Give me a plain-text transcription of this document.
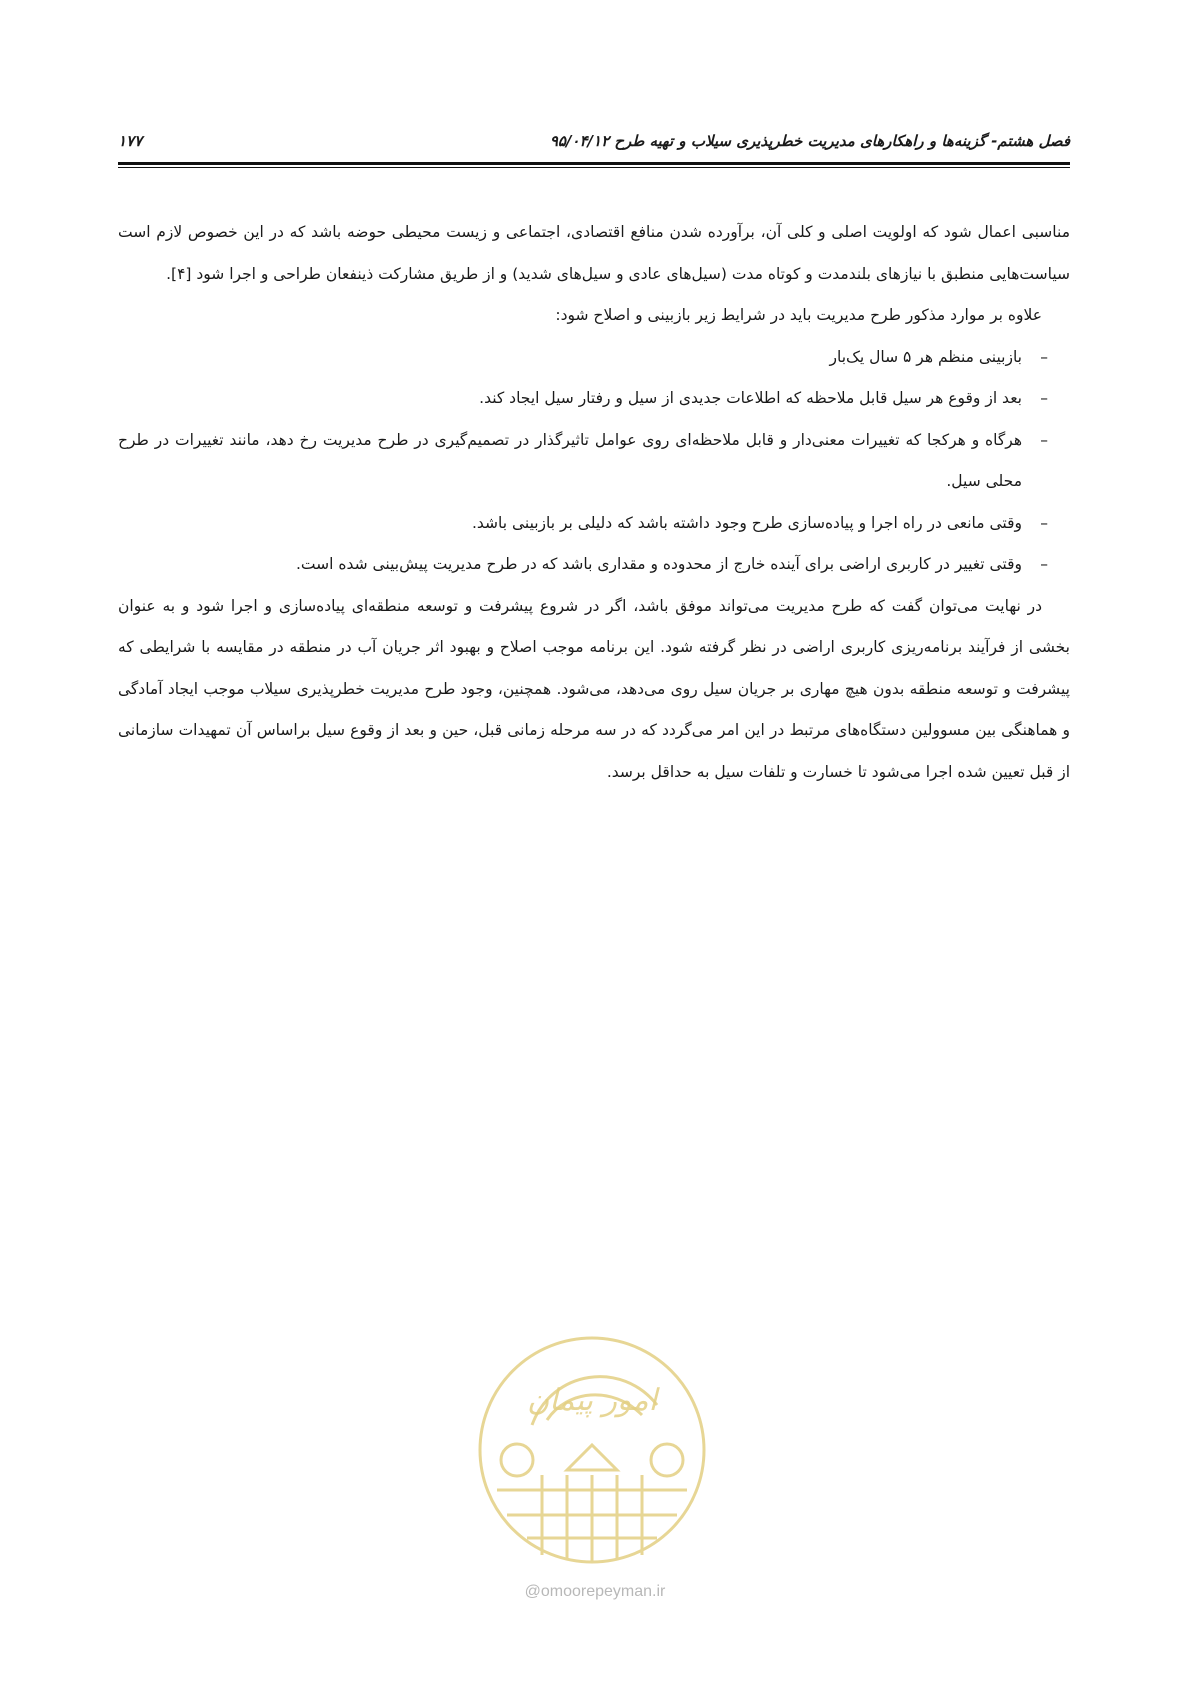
فصل هشتم- گزینه‌ها و راهکارهای مدیریت خطرپذیری سیلاب و تهیه طرح ۹۵/۰۴/۱۲
۱۷۷

مناسبی اعمال شود که اولویت اصلی و کلی آن، برآورده شدن منافع اقتصادی، اجتماعی و زیست محیطی حوضه باشد که در این خصوص لازم است سیاست‌هایی منطبق با نیازهای بلندمدت و کوتاه مدت (سیل‌های عادی و سیل‌های شدید) و از طریق مشارکت ذینفعان طراحی و اجرا شود [۴].

علاوه بر موارد مذکور طرح مدیریت باید در شرایط زیر بازبینی و اصلاح شود:

–
بازبینی منظم هر ۵ سال یک‌بار
–
بعد از وقوع هر سیل قابل ملاحظه که اطلاعات جدیدی از سیل و رفتار سیل ایجاد کند.
–
هرگاه و هرکجا که تغییرات معنی‌دار و قابل ملاحظه‌ای روی عوامل تاثیرگذار در تصمیم‌گیری در طرح مدیریت رخ دهد، مانند تغییرات در طرح محلی سیل.
–
وقتی مانعی در راه اجرا و پیاده‌سازی طرح وجود داشته باشد که دلیلی بر بازبینی باشد.
–
وقتی تغییر در کاربری اراضی برای آینده خارج از محدوده و مقداری باشد که در طرح مدیریت پیش‌بینی شده است.

در نهایت می‌توان گفت که طرح مدیریت می‌تواند موفق باشد، اگر در شروع پیشرفت و توسعه منطقه‌ای پیاده‌سازی و اجرا شود و به عنوان بخشی از فرآیند برنامه‌ریزی کاربری اراضی در نظر گرفته شود. این برنامه موجب اصلاح و بهبود اثر جریان آب در منطقه در مقایسه با شرایطی که پیشرفت و توسعه منطقه بدون هیچ مهاری بر جریان سیل روی می‌دهد، می‌شود. همچنین، وجود طرح مدیریت خطرپذیری سیلاب موجب ایجاد آمادگی و هماهنگی بین مسوولین دستگاه‌های مرتبط در این امر می‌گردد که در سه مرحله زمانی قبل، حین و بعد از وقوع سیل براساس آن تمهیدات سازمانی از قبل تعیین شده اجرا می‌شود تا خسارت و تلفات سیل به حداقل برسد.

امور پیمان
@omoorepeyman.ir
